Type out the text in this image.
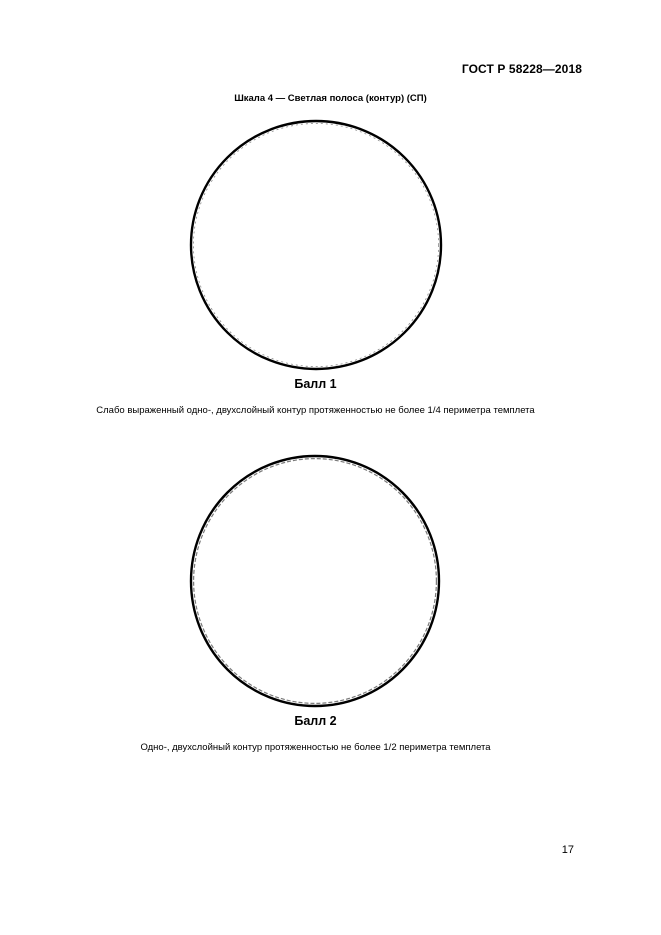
ГОСТ Р 58228—2018
Шкала 4 — Светлая полоса (контур) (СП)
Балл 1
Слабо выраженный одно-, двухслойный контур протяженностью не более 1/4 периметра темплета
Балл 2
Одно-, двухслойный контур протяженностью не более 1/2 периметра темплета
17
